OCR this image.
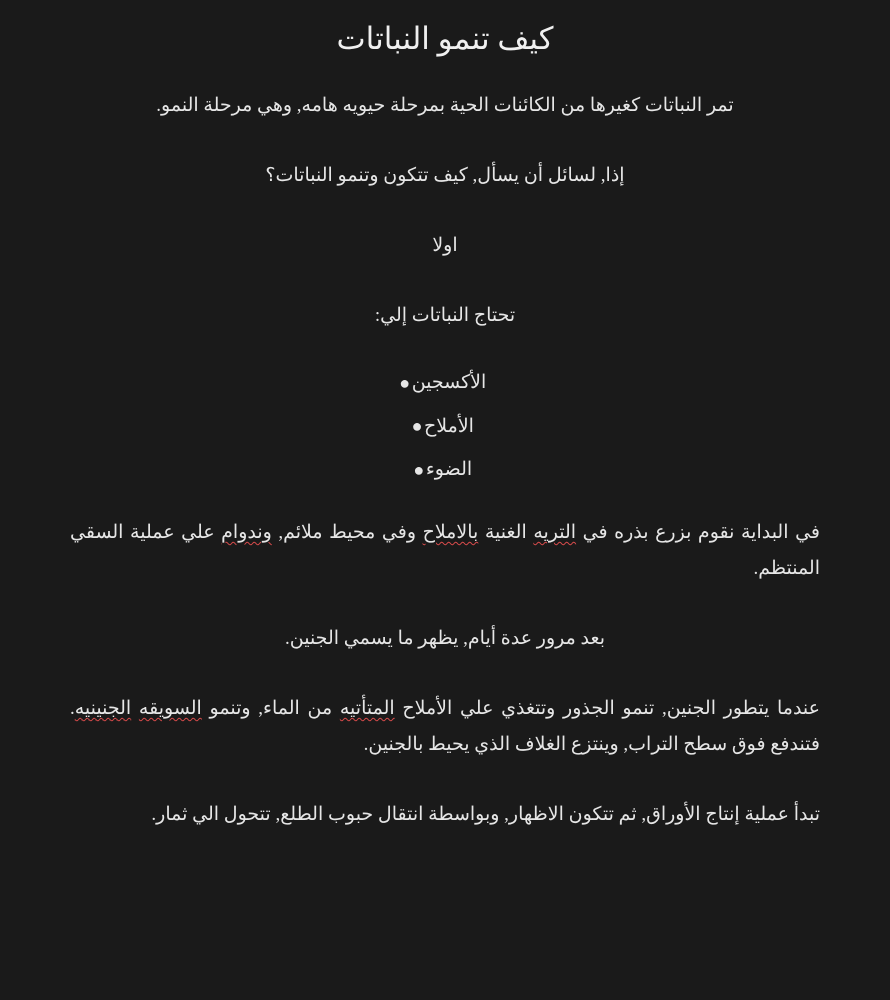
كيف تنمو النباتات

تمر النباتات كغيرها من الكائنات الحية بمرحلة حيويه هامه, وهي مرحلة النمو.

إذا, لسائل أن يسأل, كيف تتكون وتنمو النباتات؟

اولا

تحتاج النباتات إلي:

الأكسجين●
الأملاح●
الضوء●

في البداية نقوم بزرع بذره في التريه الغنية بالاملاح وفي محيط ملائم, وندوام علي عملية السقي المنتظم.

بعد مرور عدة أيام, يظهر ما يسمي الجنين.

عندما يتطور الجنين, تنمو الجذور وتتغذي علي الأملاح المتأتيه من الماء, وتنمو السويقه الجنينيه. فتندفع فوق سطح التراب, وينتزع الغلاف الذي يحيط بالجنين.

تبدأ عملية إنتاج الأوراق, ثم تتكون الاظهار, وبواسطة انتقال حبوب الطلع, تتحول الي ثمار.
